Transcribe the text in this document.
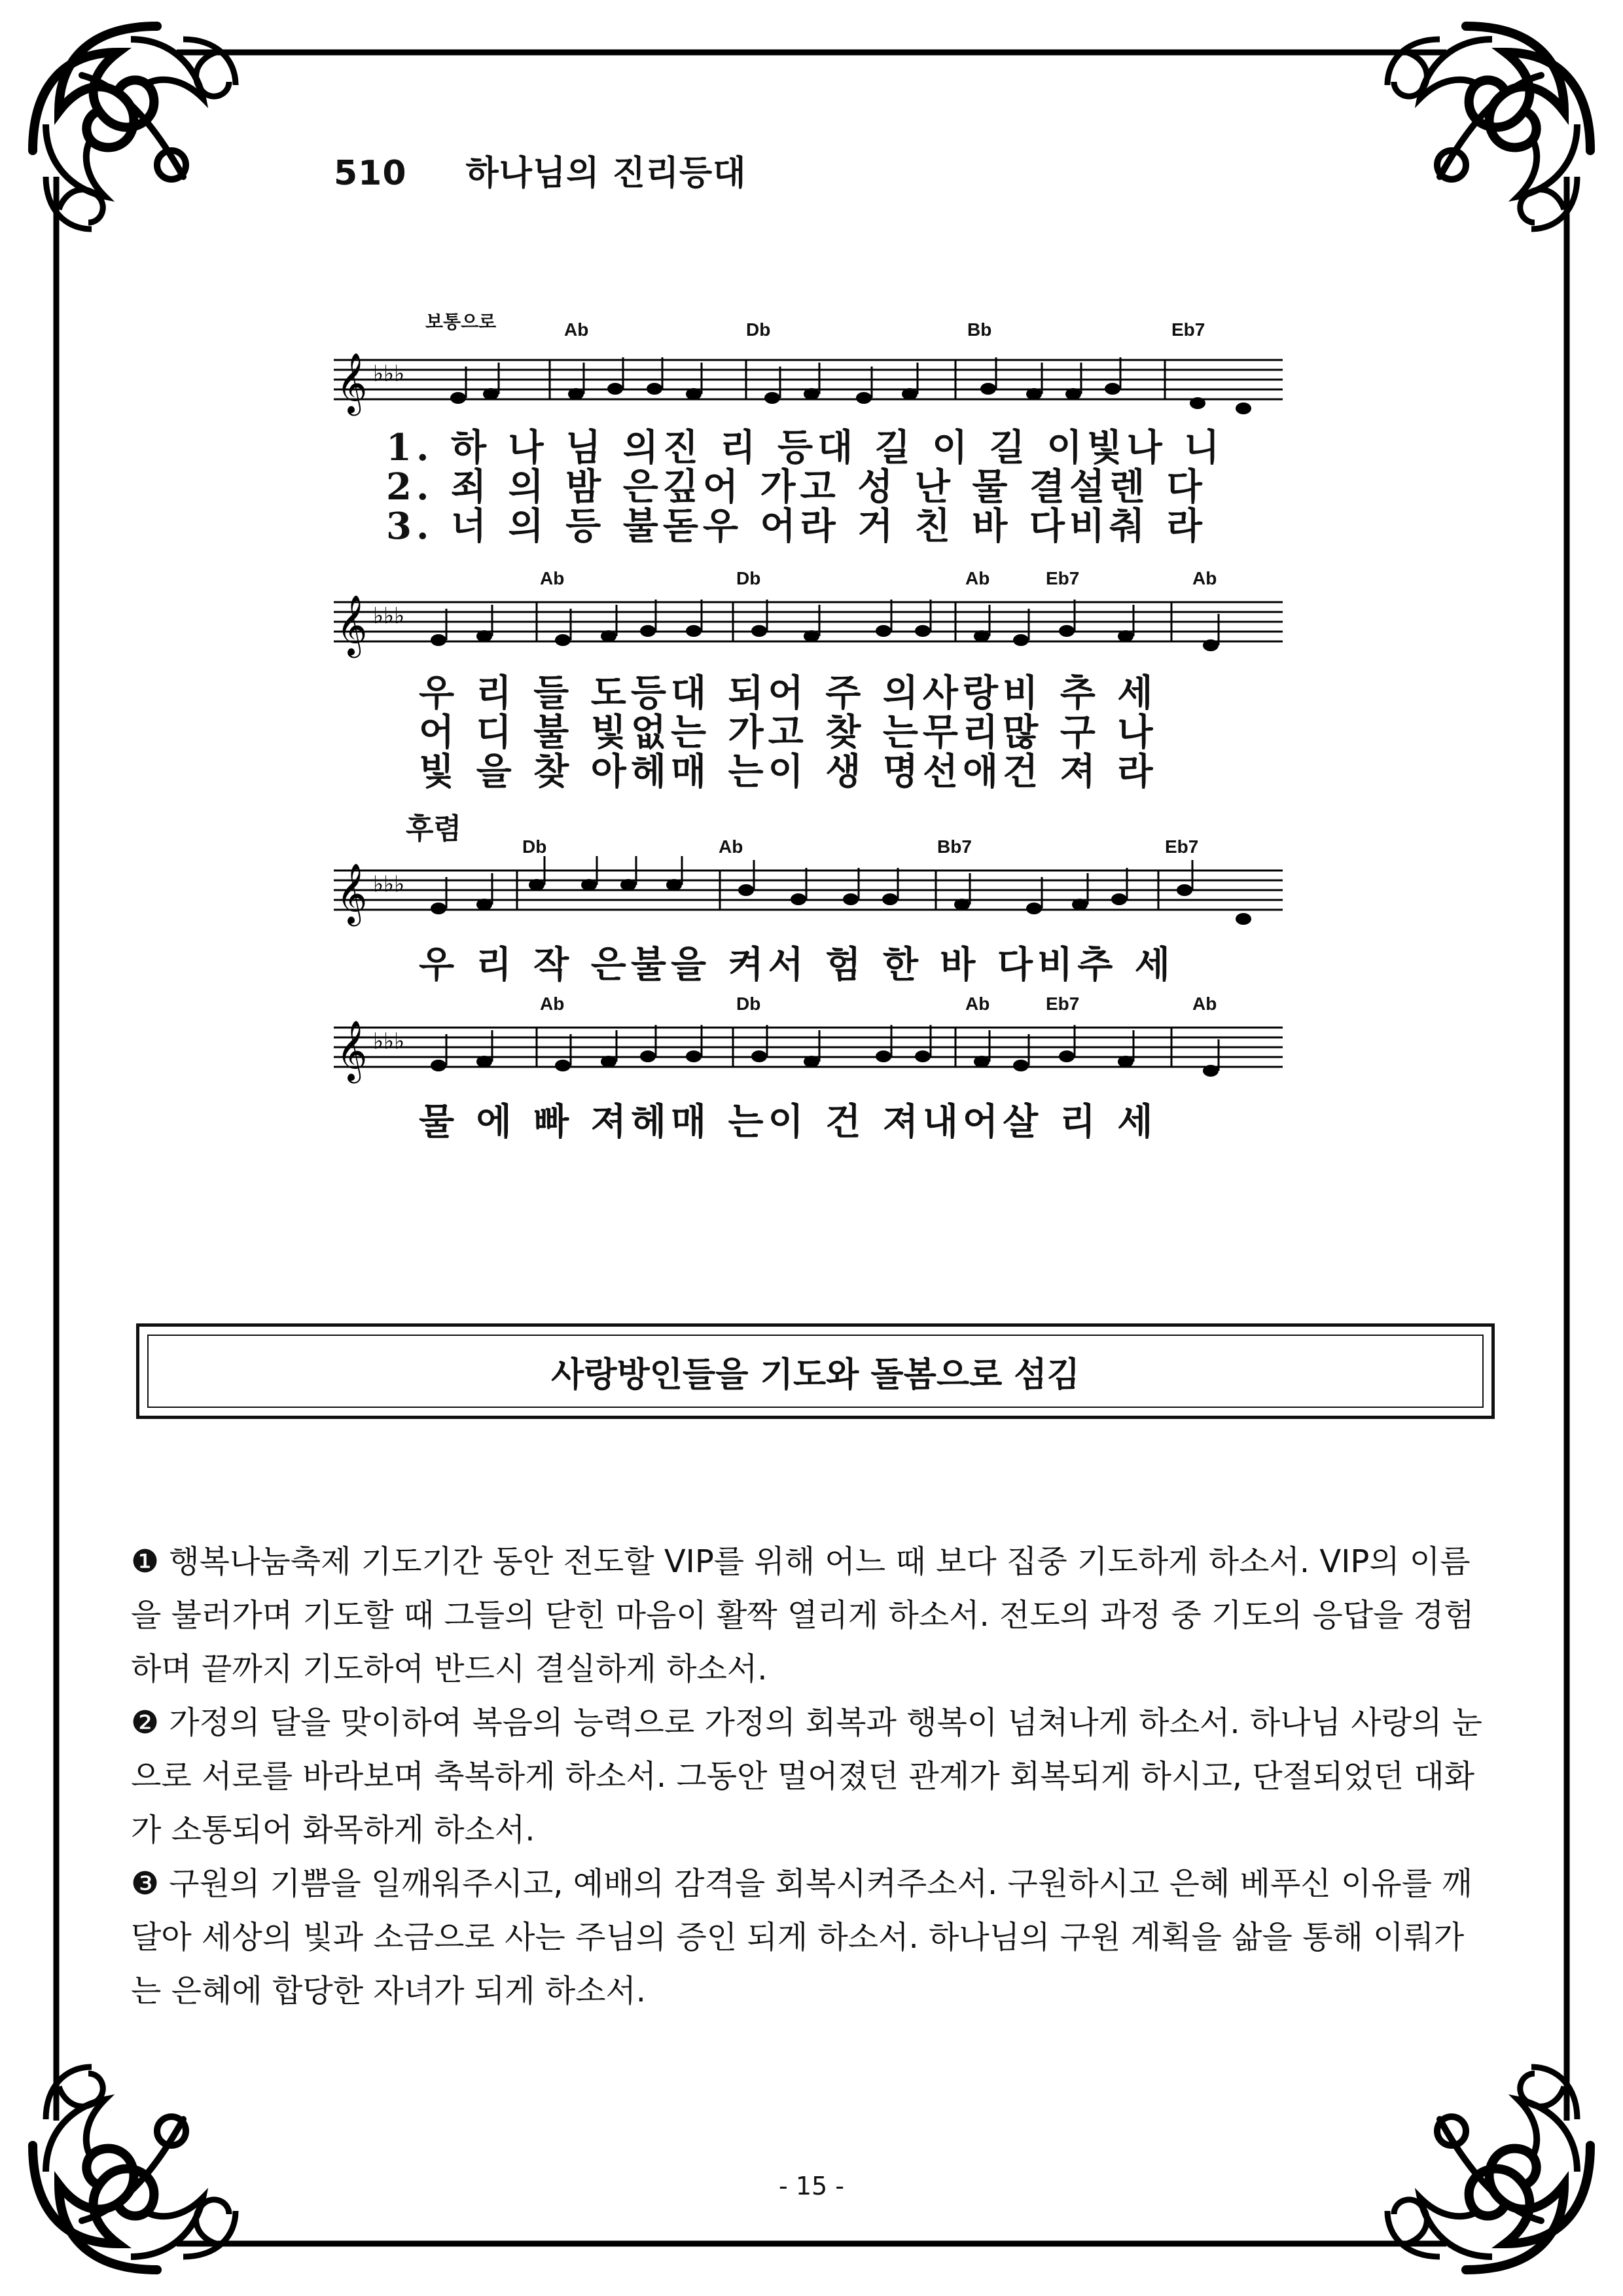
510 하나님의 진리등대
보통으로	Ab	Db	Bb	Eb7
𝄞 ♭♭♭
1. 하 나 님 의진 리 등대 길 이 길 이빛나 니
2. 죄 의 밤 은깊어 가고 성 난 물 결설렌 다
3. 너 의 등 불돋우 어라 거 친 바 다비춰 라
Ab	Db	Ab	Eb7	Ab
𝄞 ♭♭♭
우 리 들 도등대 되어 주 의사랑비 추 세
어 디 불 빛없는 가고 찾 는무리많 구 나
빛 을 찾 아헤매 는이 생 명선애건 져 라
후렴
Db	Ab	Bb7	Eb7
𝄞 ♭♭♭
우 리 작 은불을 켜서 험 한 바 다비추 세
Ab	Db	Ab	Eb7	Ab
𝄞 ♭♭♭
물 에 빠 져헤매 는이 건 져내어살 리 세
사랑방인들을 기도와 돌봄으로 섬김

❶ 행복나눔축제 기도기간 동안 전도할 VIP를 위해 어느 때 보다 집중 기도하게 하소서. VIP의 이름을 불러가며 기도할 때 그들의 닫힌 마음이 활짝 열리게 하소서. 전도의 과정 중 기도의 응답을 경험하며 끝까지 기도하여 반드시 결실하게 하소서.

❷ 가정의 달을 맞이하여 복음의 능력으로 가정의 회복과 행복이 넘쳐나게 하소서. 하나님 사랑의 눈으로 서로를 바라보며 축복하게 하소서. 그동안 멀어졌던 관계가 회복되게 하시고, 단절되었던 대화가 소통되어 화목하게 하소서.

❸ 구원의 기쁨을 일깨워주시고, 예배의 감격을 회복시켜주소서. 구원하시고 은혜 베푸신 이유를 깨달아 세상의 빛과 소금으로 사는 주님의 증인 되게 하소서. 하나님의 구원 계획을 삶을 통해 이뤄가는 은혜에 합당한 자녀가 되게 하소서.

- 15 -
